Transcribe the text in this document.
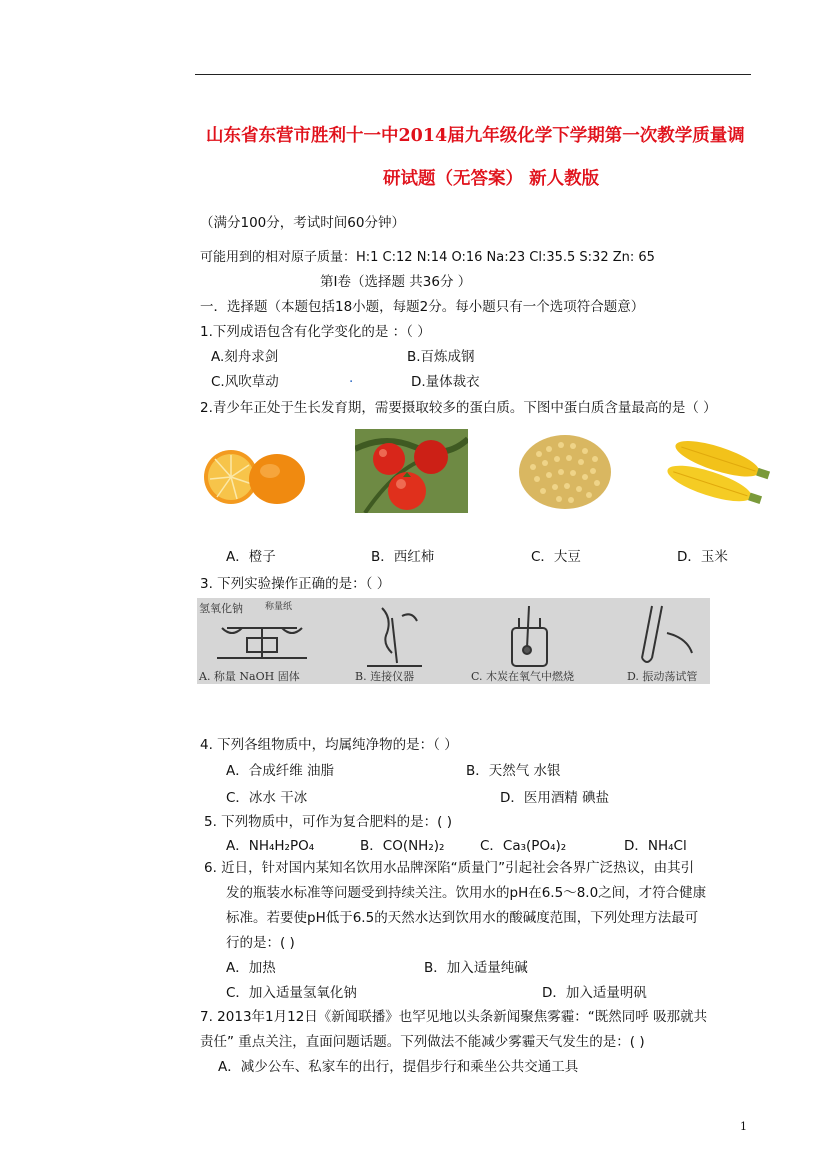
山东省东营市胜利十一中2014届九年级化学下学期第一次教学质量调
研试题（无答案） 新人教版
（满分100分，考试时间60分钟）
可能用到的相对原子质量：H:1 C:12 N:14 O:16 Na:23 Cl:35.5 S:32 Zn: 65
第Ⅰ卷（选择题 共36分 ）
一．选择题（本题包括18小题，每题2分。每小题只有一个选项符合题意）
1.下列成语包含有化学变化的是 ：（ ）
A.刻舟求剑	B.百炼成钢
C.风吹草动	.	D.量体裁衣
2.青少年正处于生长发育期，需要摄取较多的蛋白质。下图中蛋白质含量最高的是（ ）
A．橙子	B．西红柿	C．大豆	D．玉米
3. 下列实验操作正确的是：（ ）
氢氧化钠 称量纸
A. 称量 NaOH 固体	B. 连接仪器	C. 木炭在氧气中燃烧	D. 振动荡试管
4. 下列各组物质中，均属纯净物的是：（ ）
A．合成纤维 油脂	B．天然气 水银
C．冰水 干冰	D．医用酒精 碘盐
5. 下列物质中，可作为复合肥料的是：( )
A．NH₄H₂PO₄	B．CO(NH₂)₂	C．Ca₃(PO₄)₂	D．NH₄Cl
6. 近日，针对国内某知名饮用水品牌深陷“质量门”引起社会各界广泛热议，由其引
发的瓶装水标准等问题受到持续关注。饮用水的pH在6.5～8.0之间，才符合健康
标准。若要使pH低于6.5的天然水达到饮用水的酸碱度范围，下列处理方法最可
行的是：( )
A．加热	B．加入适量纯碱
C．加入适量氢氧化钠	D．加入适量明矾
7. 2013年1月12日《新闻联播》也罕见地以头条新闻聚焦雾霾：“既然同呼 吸那就共
责任” 重点关注，直面问题话题。下列做法不能减少雾霾天气发生的是：( )
A．减少公车、私家车的出行，提倡步行和乘坐公共交通工具
1
